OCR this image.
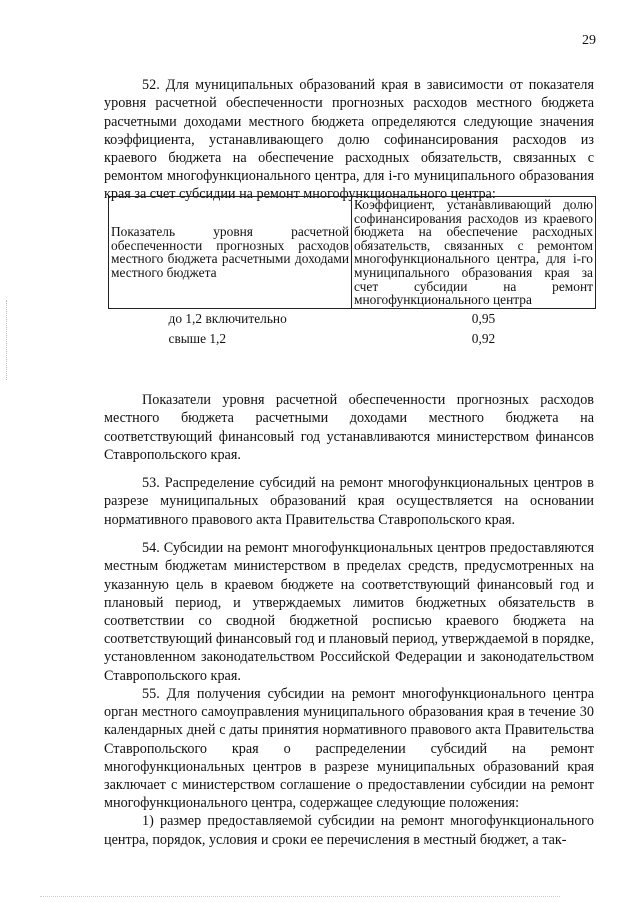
29

52. Для муниципальных образований края в зависимости от показателя уровня расчетной обеспеченности прогнозных расходов местного бюджета расчетными доходами местного бюджета определяются следующие значения коэффициента, устанавливающего долю софинансирования расходов из краевого бюджета на обеспечение расходных обязательств, связанных с ремонтом многофункционального центра, для i-го муниципального образования края за счет субсидии на ремонт многофункционального центра:

Показатель уровня расчетной обеспеченности прогнозных расходов местного бюджета расчетными доходами местного бюджета	Коэффициент, устанавливающий долю софинансирования расходов из краевого бюджета на обеспечение расходных обязательств, связанных с ремонтом многофункционального центра, для i-го муниципального образования края за счет субсидии на ремонт многофункционального центра
до 1,2 включительно	0,95
свыше 1,2	0,92

Показатели уровня расчетной обеспеченности прогнозных расходов местного бюджета расчетными доходами местного бюджета на соответствующий финансовый год устанавливаются министерством финансов Ставропольского края.

53. Распределение субсидий на ремонт многофункциональных центров в разрезе муниципальных образований края осуществляется на основании нормативного правового акта Правительства Ставропольского края.

54. Субсидии на ремонт многофункциональных центров предоставляются местным бюджетам министерством в пределах средств, предусмотренных на указанную цель в краевом бюджете на соответствующий финансовый год и плановый период, и утверждаемых лимитов бюджетных обязательств в соответствии со сводной бюджетной росписью краевого бюджета на соответствующий финансовый год и плановый период, утверждаемой в порядке, установленном законодательством Российской Федерации и законодательством Ставропольского края.

55. Для получения субсидии на ремонт многофункционального центра орган местного самоуправления муниципального образования края в течение 30 календарных дней с даты принятия нормативного правового акта Правительства Ставропольского края о распределении субсидий на ремонт многофункциональных центров в разрезе муниципальных образований края заключает с министерством соглашение о предоставлении субсидии на ремонт многофункционального центра, содержащее следующие положения:

1) размер предоставляемой субсидии на ремонт многофункционального центра, порядок, условия и сроки ее перечисления в местный бюджет, а так-
